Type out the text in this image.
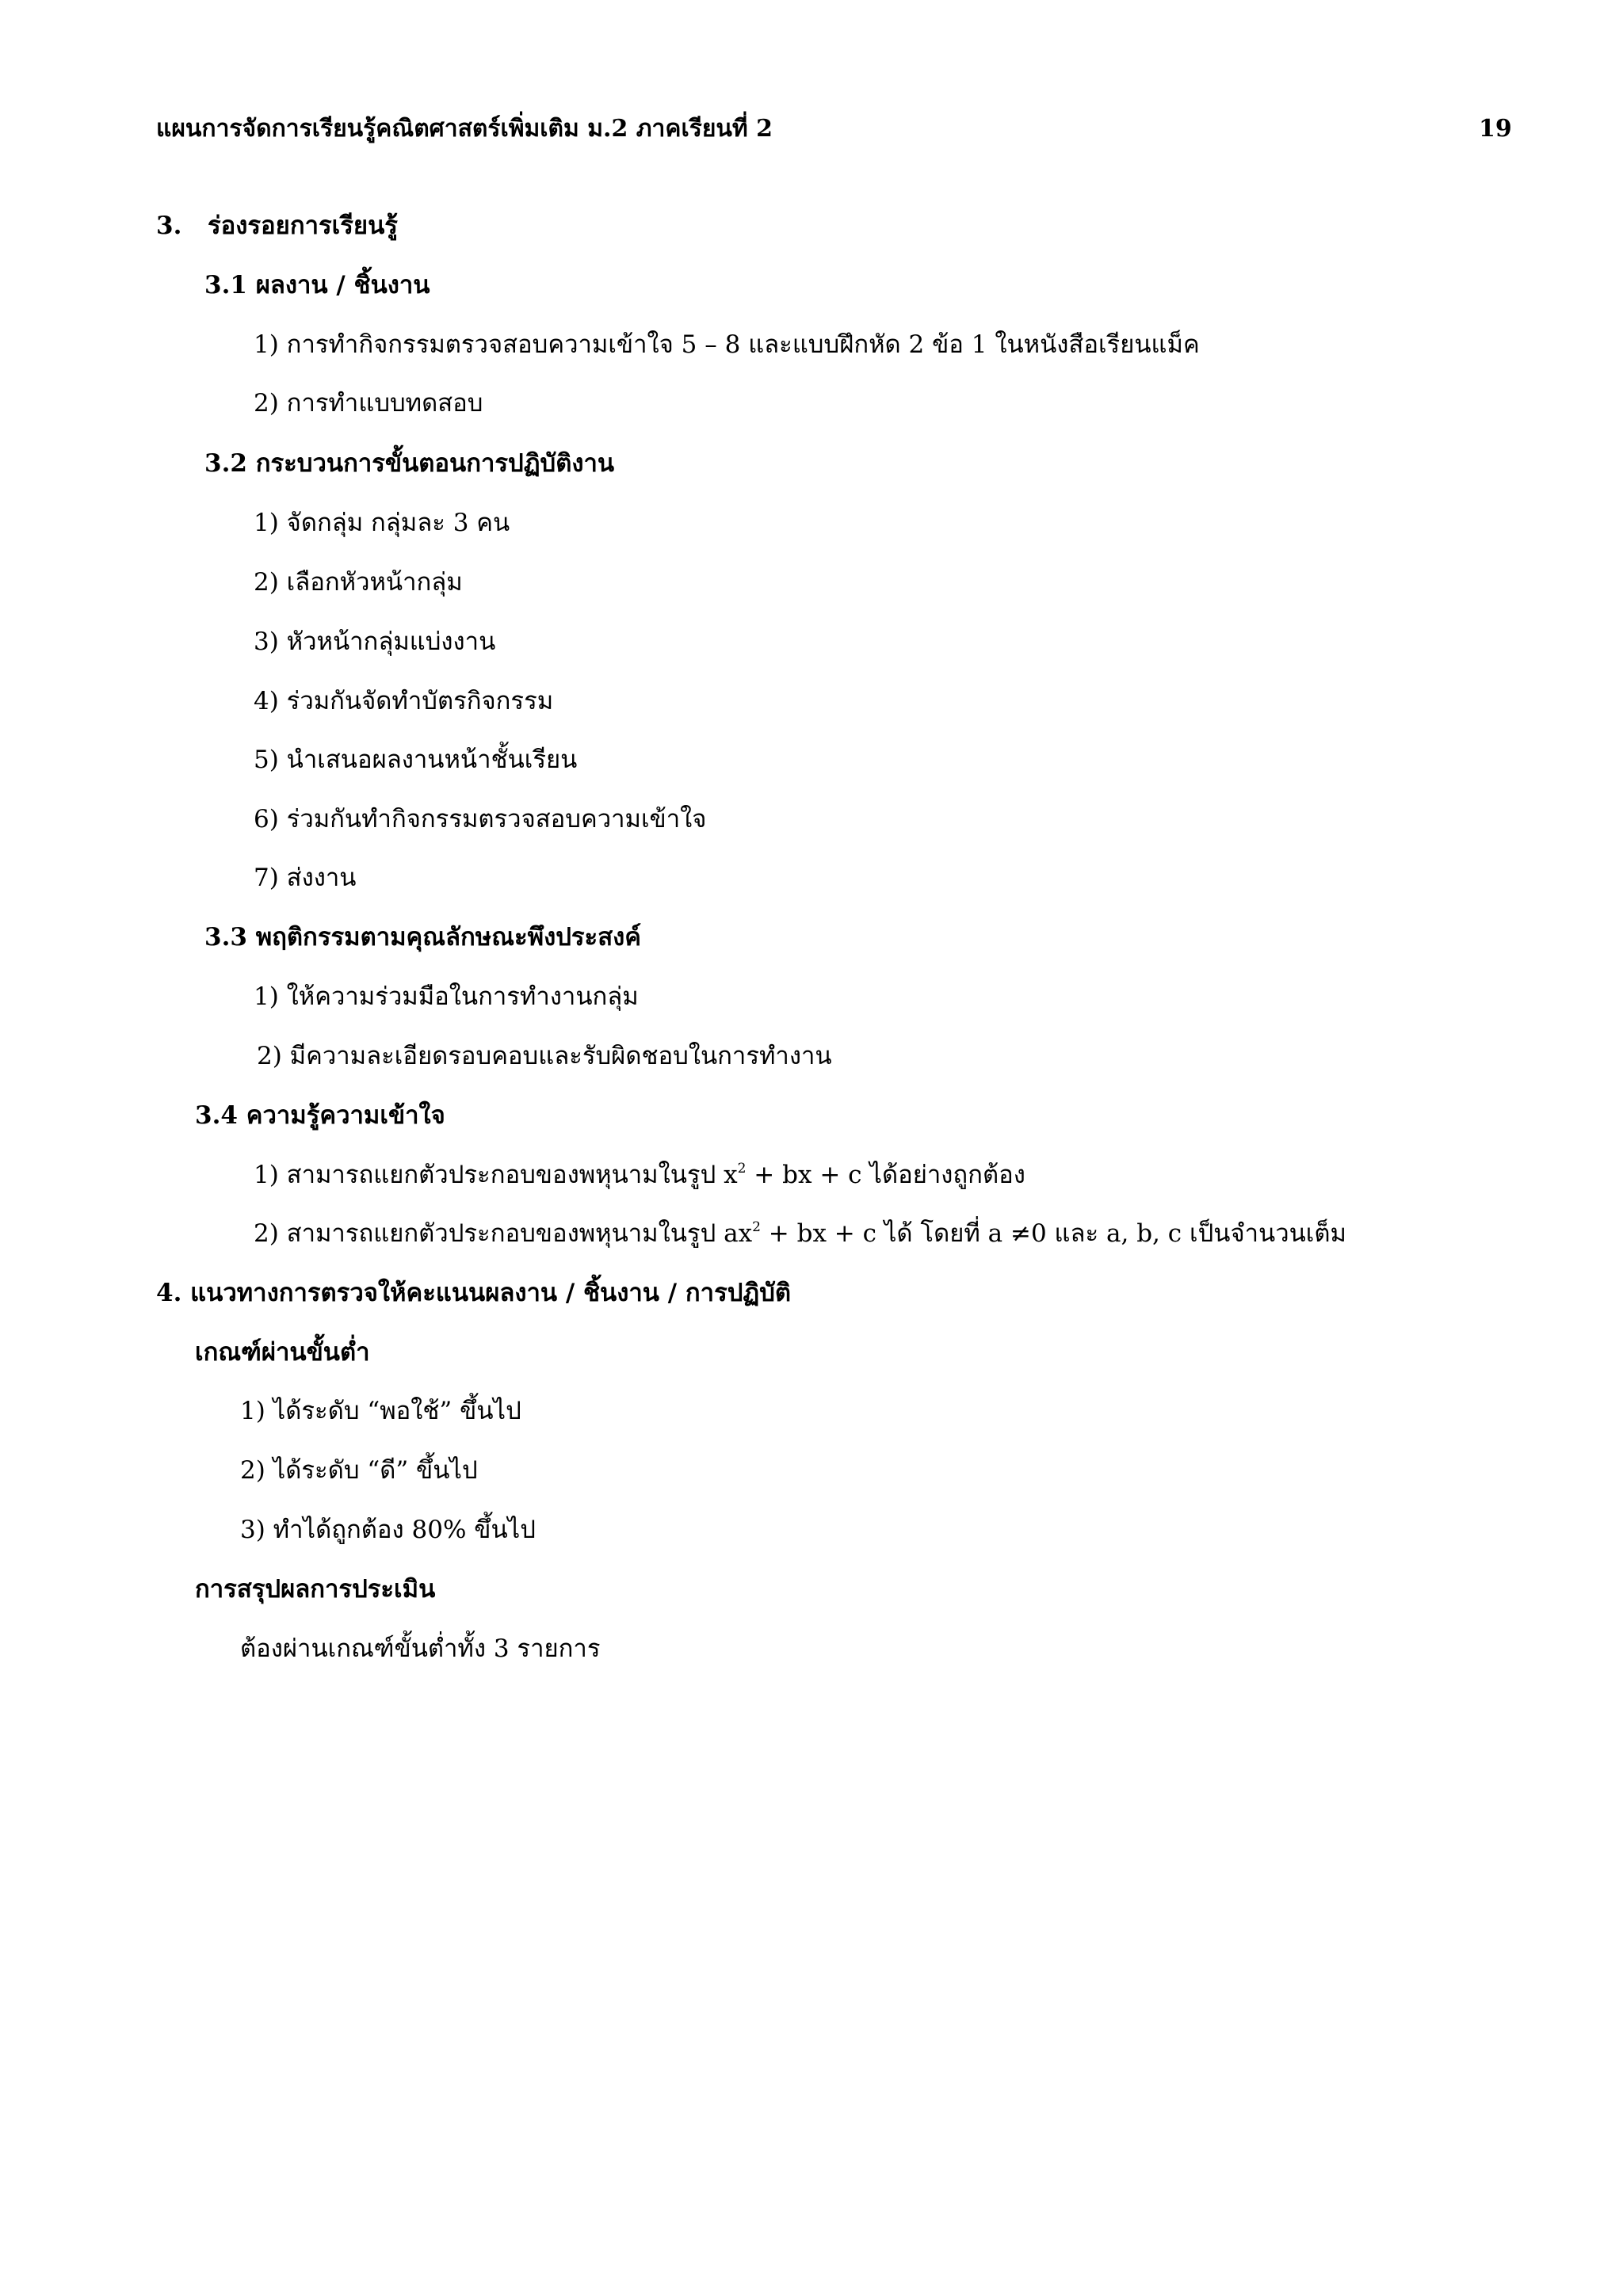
แผนการจัดการเรียนรู้คณิตศาสตร์เพิ่มเติม ม.2 ภาคเรียนที่ 2	19
3. ร่องรอยการเรียนรู้
3.1 ผลงาน / ชิ้นงาน
1) การทำกิจกรรมตรวจสอบความเข้าใจ 5 – 8 และแบบฝึกหัด 2 ข้อ 1 ในหนังสือเรียนแม็ค
2) การทำแบบทดสอบ
3.2 กระบวนการขั้นตอนการปฏิบัติงาน
1) จัดกลุ่ม กลุ่มละ 3 คน
2) เลือกหัวหน้ากลุ่ม
3) หัวหน้ากลุ่มแบ่งงาน
4) ร่วมกันจัดทำบัตรกิจกรรม
5) นำเสนอผลงานหน้าชั้นเรียน
6) ร่วมกันทำกิจกรรมตรวจสอบความเข้าใจ
7) ส่งงาน
3.3 พฤติกรรมตามคุณลักษณะพึงประสงค์
1) ให้ความร่วมมือในการทำงานกลุ่ม
2) มีความละเอียดรอบคอบและรับผิดชอบในการทำงาน
3.4 ความรู้ความเข้าใจ
1) สามารถแยกตัวประกอบของพหุนามในรูป $x^2$ + bx + c ได้อย่างถูกต้อง
2) สามารถแยกตัวประกอบของพหุนามในรูป $ax^2$ + bx + c ได้ โดยที่ a ≠0 และ a, b, c เป็นจำนวนเต็ม
4. แนวทางการตรวจให้คะแนนผลงาน / ชิ้นงาน / การปฏิบัติ
เกณฑ์ผ่านขั้นต่ำ
1) ได้ระดับ “พอใช้” ขึ้นไป
2) ได้ระดับ “ดี” ขึ้นไป
3) ทำได้ถูกต้อง 80% ขึ้นไป
การสรุปผลการประเมิน
ต้องผ่านเกณฑ์ขั้นต่ำทั้ง 3 รายการ
